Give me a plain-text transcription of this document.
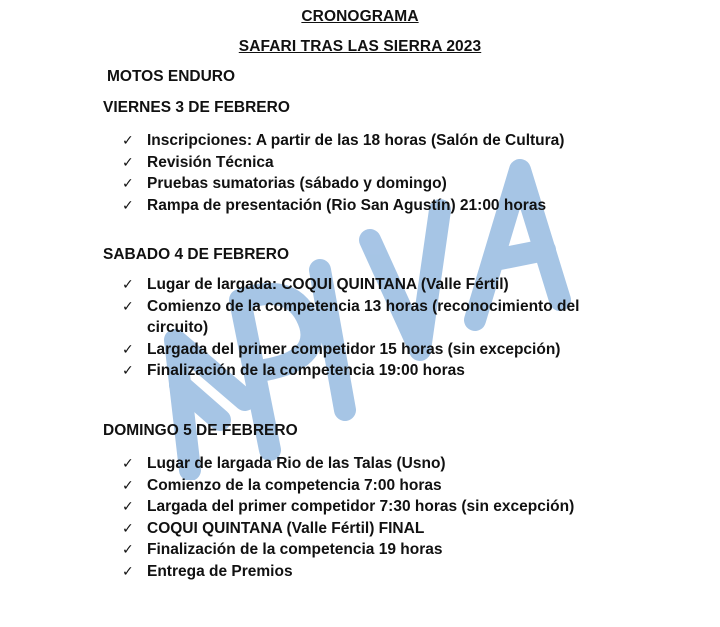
CRONOGRAMA
SAFARI TRAS LAS SIERRA 2023
MOTOS ENDURO
VIERNES 3 DE FEBRERO
✓ Inscripciones: A partir de las 18 horas (Salón de Cultura)
✓ Revisión Técnica
✓ Pruebas sumatorias (sábado y domingo)
✓ Rampa de presentación (Rio San Agustín) 21:00 horas
SABADO 4 DE FEBRERO
✓ Lugar de largada: COQUI QUINTANA (Valle Fértil)
✓ Comienzo de la competencia 13 horas (reconocimiento del circuito)
✓ Largada del primer competidor 15 horas (sin excepción)
✓ Finalización de la competencia 19:00 horas
DOMINGO 5 DE FEBRERO
✓ Lugar de largada Rio de las Talas (Usno)
✓ Comienzo de la competencia 7:00 horas
✓ Largada del primer competidor 7:30 horas (sin excepción)
✓ COQUI QUINTANA (Valle Fértil) FINAL
✓ Finalización de la competencia 19 horas
✓ Entrega de Premios
